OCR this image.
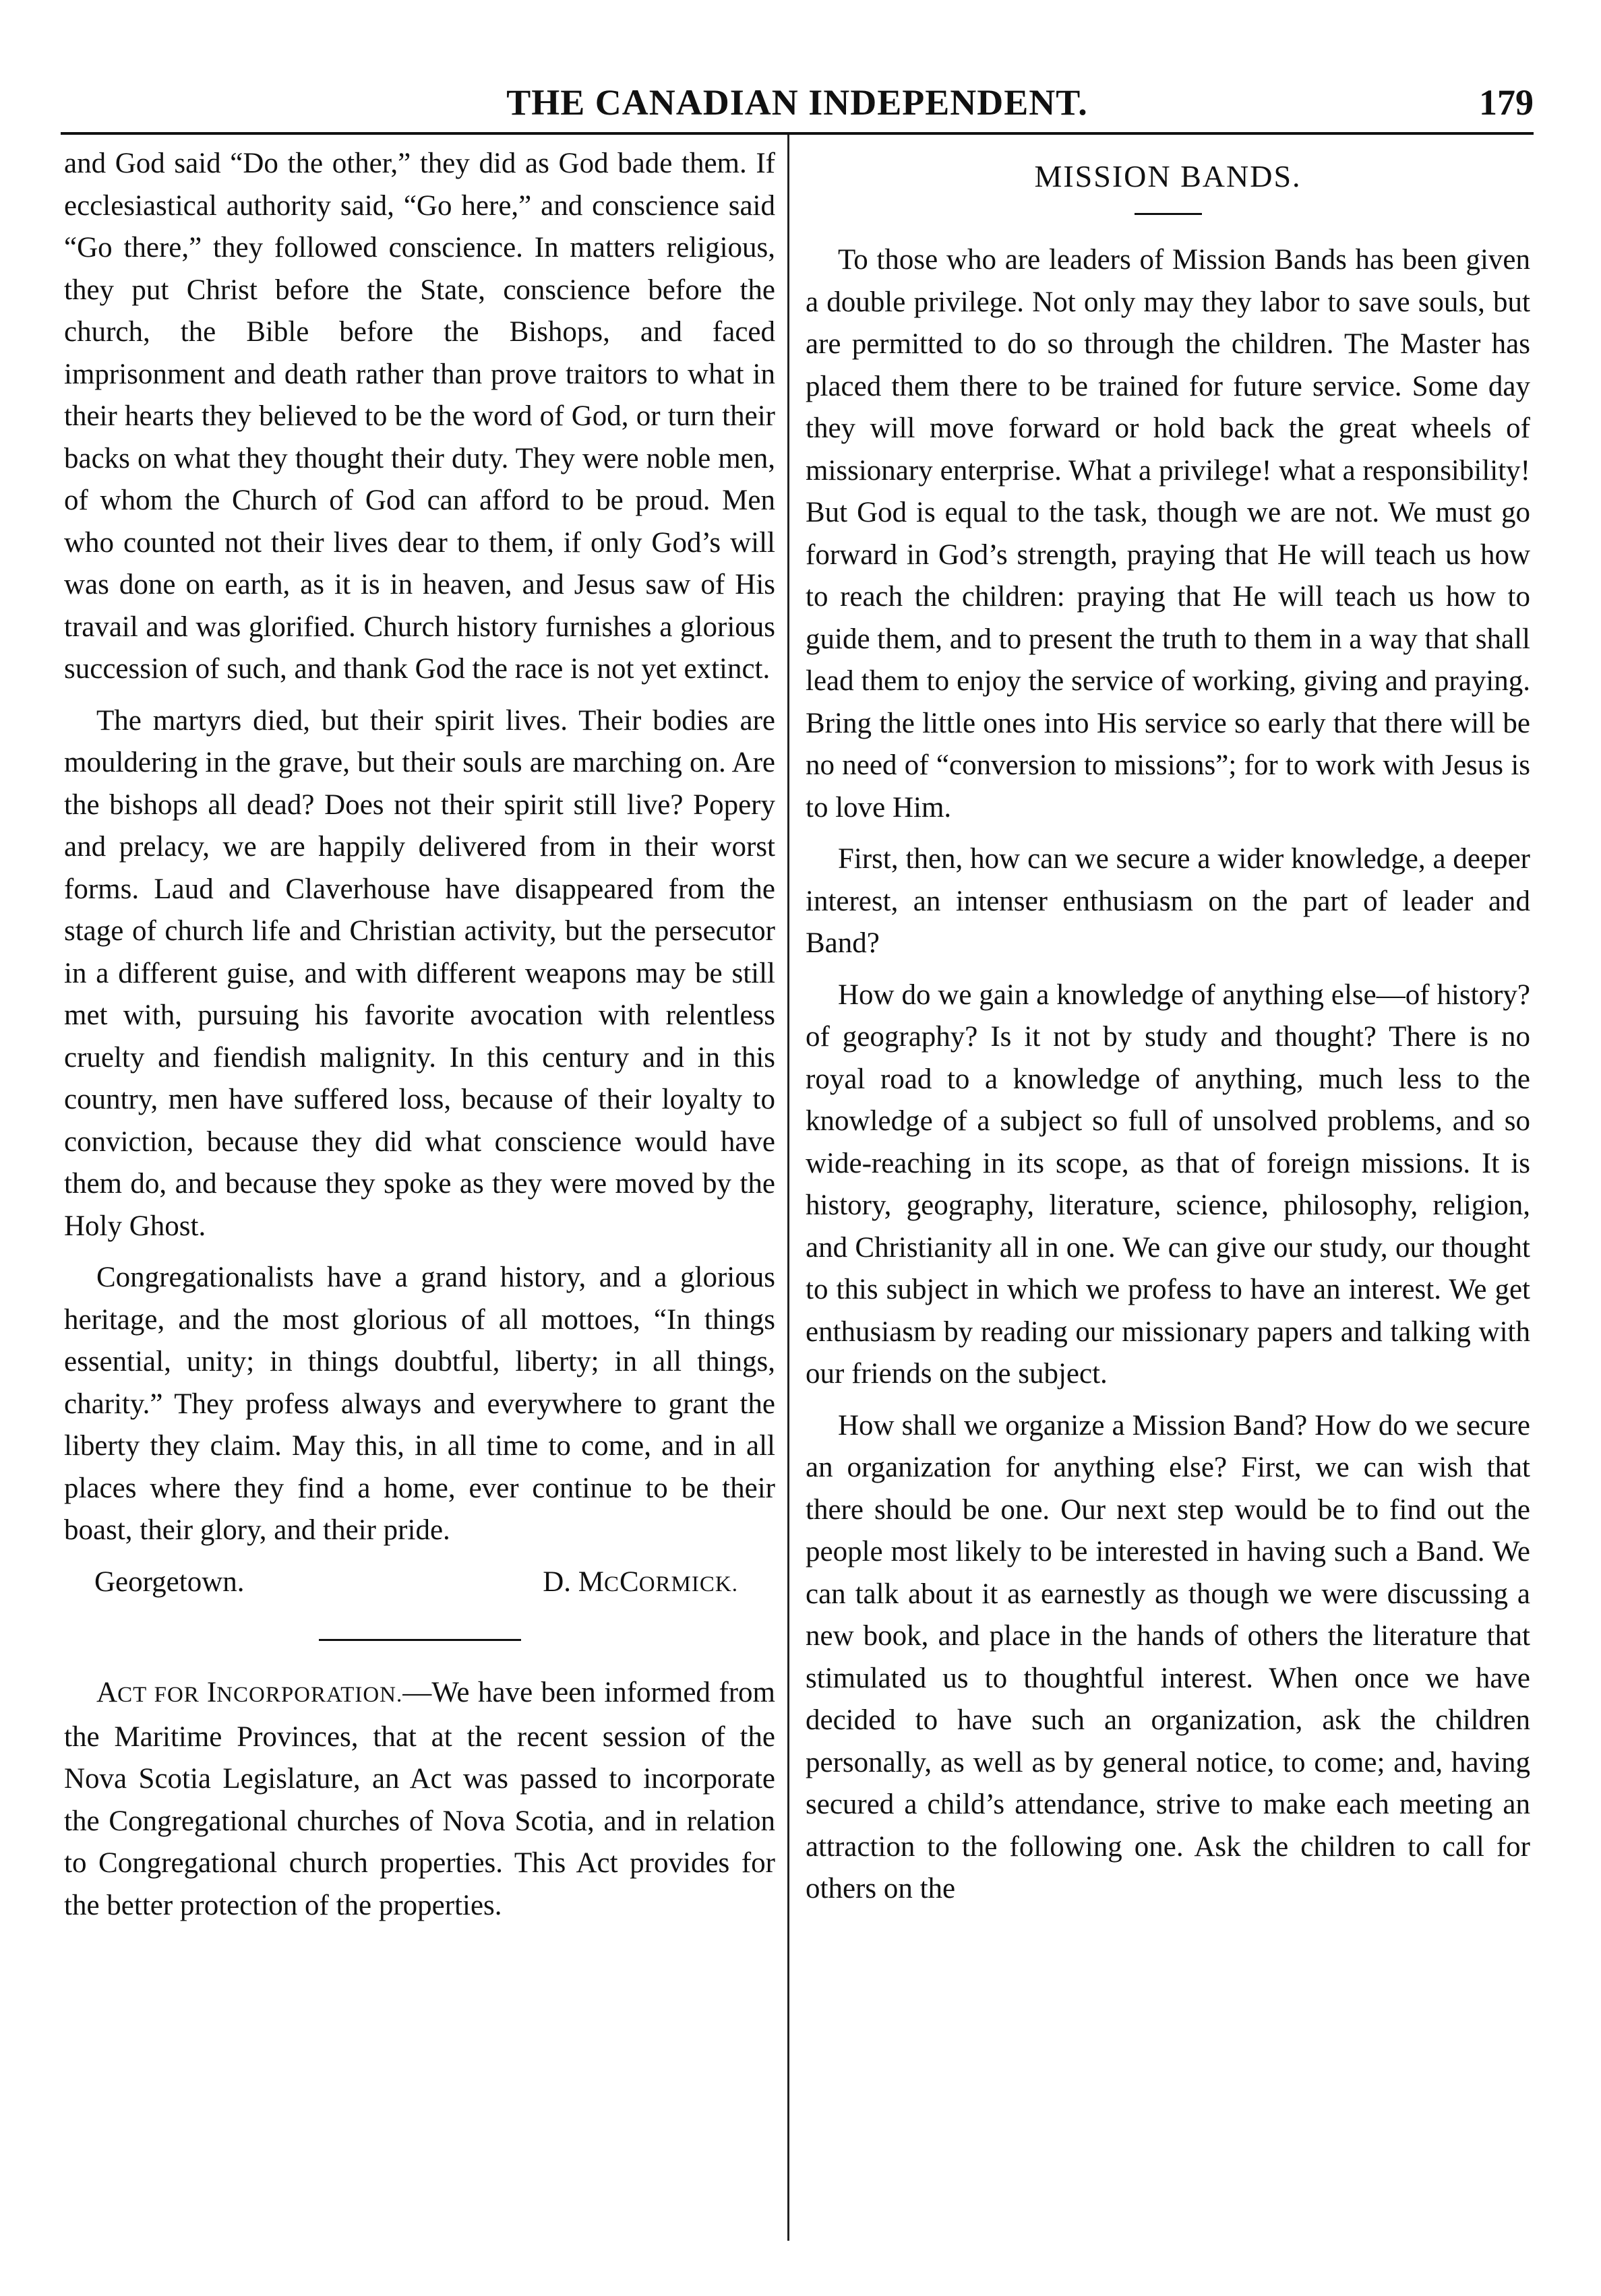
THE CANADIAN INDEPENDENT.	179

and God said “Do the other,” they did as God bade them. If ecclesiastical authority said, “Go here,” and conscience said “Go there,” they followed conscience. In matters religious, they put Christ before the State, conscience before the church, the Bible before the Bishops, and faced imprisonment and death rather than prove traitors to what in their hearts they believed to be the word of God, or turn their backs on what they thought their duty. They were noble men, of whom the Church of God can afford to be proud. Men who counted not their lives dear to them, if only God’s will was done on earth, as it is in heaven, and Jesus saw of His travail and was glorified. Church history furnishes a glorious succession of such, and thank God the race is not yet extinct.

The martyrs died, but their spirit lives. Their bodies are mouldering in the grave, but their souls are marching on. Are the bishops all dead? Does not their spirit still live? Popery and prelacy, we are happily delivered from in their worst forms. Laud and Claverhouse have disappeared from the stage of church life and Christian activity, but the persecutor in a different guise, and with different weapons may be still met with, pursuing his favorite avocation with relentless cruelty and fiendish malignity. In this century and in this country, men have suffered loss, because of their loyalty to conviction, because they did what conscience would have them do, and because they spoke as they were moved by the Holy Ghost.

Congregationalists have a grand history, and a glorious heritage, and the most glorious of all mottoes, “In things essential, unity; in things doubtful, liberty; in all things, charity.” They profess always and everywhere to grant the liberty they claim. May this, in all time to come, and in all places where they find a home, ever continue to be their boast, their glory, and their pride.

Georgetown.	D. MCCORMICK.

ACT FOR INCORPORATION.—We have been informed from the Maritime Provinces, that at the recent session of the Nova Scotia Legislature, an Act was passed to incorporate the Congregational churches of Nova Scotia, and in relation to Congregational church properties. This Act provides for the better protection of the properties.

MISSION BANDS.

To those who are leaders of Mission Bands has been given a double privilege. Not only may they labor to save souls, but are permitted to do so through the children. The Master has placed them there to be trained for future service. Some day they will move forward or hold back the great wheels of missionary enterprise. What a privilege! what a responsibility! But God is equal to the task, though we are not. We must go forward in God’s strength, praying that He will teach us how to reach the children: praying that He will teach us how to guide them, and to present the truth to them in a way that shall lead them to enjoy the service of working, giving and praying. Bring the little ones into His service so early that there will be no need of “conversion to missions”; for to work with Jesus is to love Him.

First, then, how can we secure a wider knowledge, a deeper interest, an intenser enthusiasm on the part of leader and Band?

How do we gain a knowledge of anything else—of history? of geography? Is it not by study and thought? There is no royal road to a knowledge of anything, much less to the knowledge of a subject so full of unsolved problems, and so wide-reaching in its scope, as that of foreign missions. It is history, geography, literature, science, philosophy, religion, and Christianity all in one. We can give our study, our thought to this subject in which we profess to have an interest. We get enthusiasm by reading our missionary papers and talking with our friends on the subject.

How shall we organize a Mission Band? How do we secure an organization for anything else? First, we can wish that there should be one. Our next step would be to find out the people most likely to be interested in having such a Band. We can talk about it as earnestly as though we were discussing a new book, and place in the hands of others the literature that stimulated us to thoughtful interest. When once we have decided to have such an organization, ask the children personally, as well as by general notice, to come; and, having secured a child’s attendance, strive to make each meeting an attraction to the following one. Ask the children to call for others on the
